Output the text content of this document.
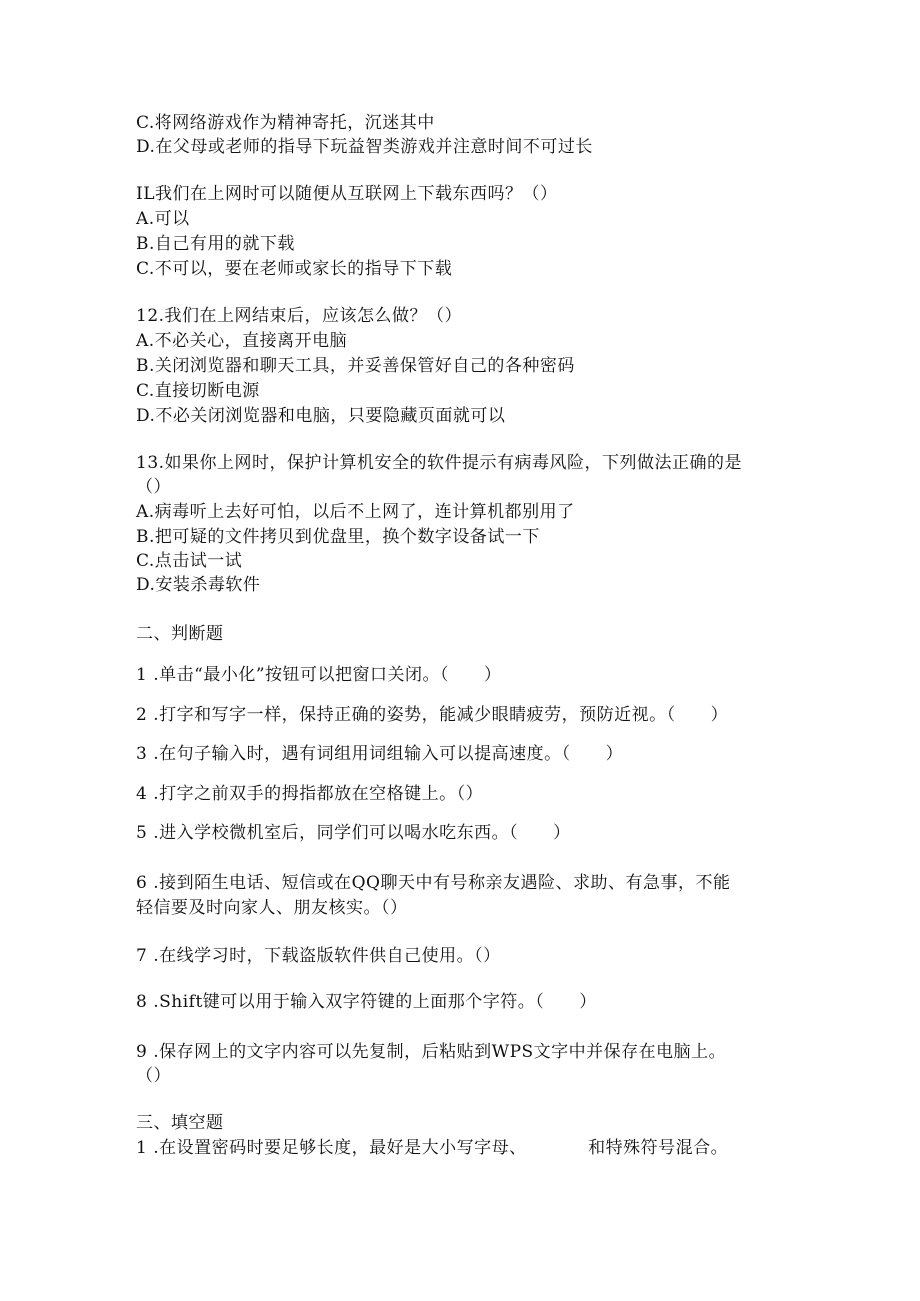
C.将网络游戏作为精神寄托，沉迷其中
D.在父母或老师的指导下玩益智类游戏并注意时间不可过长
IL我们在上网时可以随便从互联网上下载东西吗？（）
A.可以
B.自己有用的就下载
C.不可以，要在老师或家长的指导下下载
12.我们在上网结束后，应该怎么做？（）
A.不必关心，直接离开电脑
B.关闭浏览器和聊天工具，并妥善保管好自己的各种密码
C.直接切断电源
D.不必关闭浏览器和电脑，只要隐藏页面就可以
13.如果你上网时，保护计算机安全的软件提示有病毒风险，下列做法正确的是
（）
A.病毒听上去好可怕，以后不上网了，连计算机都别用了
B.把可疑的文件拷贝到优盘里，换个数字设备试一下
C.点击试一试
D.安装杀毒软件
二、判断题
1 .单击“最小化”按钮可以把窗口关闭。（　　）
2 .打字和写字一样，保持正确的姿势，能减少眼睛疲劳，预防近视。（　　）
3 .在句子输入时，遇有词组用词组输入可以提高速度。（　　）
4 .打字之前双手的拇指都放在空格键上。（）
5 .进入学校微机室后，同学们可以喝水吃东西。（　　）
6 .接到陌生电话、短信或在QQ聊天中有号称亲友遇险、求助、有急事，不能
轻信要及时向家人、朋友核实。（）
7 .在线学习时，下载盗版软件供自己使用。（）
8 .Shift键可以用于输入双字符键的上面那个字符。（　　）
9 .保存网上的文字内容可以先复制，后粘贴到WPS文字中并保存在电脑上。
（）
三、填空题
1 .在设置密码时要足够长度，最好是大小写字母、　　　　和特殊符号混合。
